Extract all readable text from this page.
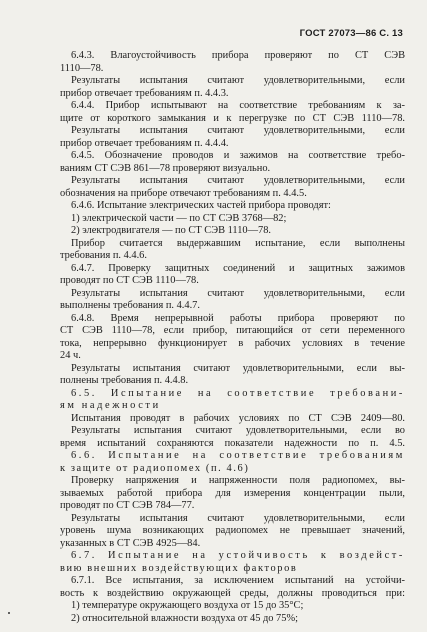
ГОСТ 27073—86 С. 13
6.4.3. Влагоустойчивость прибора проверяют по СТ СЭВ
1110—78.
Результаты испытания считают удовлетворительными, если
прибор отвечает требованиям п. 4.4.3.
6.4.4. Прибор испытывают на соответствие требованиям к за-
щите от короткого замыкания и к перегрузке по СТ СЭВ 1110—78.
Результаты испытания считают удовлетворительными, если
прибор отвечает требованиям п. 4.4.4.
6.4.5. Обозначение проводов и зажимов на соответствие требо-
ваниям СТ СЭВ 861—78 проверяют визуально.
Результаты испытания считают удовлетворительными, если
обозначения на приборе отвечают требованиям п. 4.4.5.
6.4.6. Испытание электрических частей прибора проводят:
1) электрической части — по СТ СЭВ 3768—82;
2) электродвигателя — по СТ СЭВ 1110—78.
Прибор считается выдержавшим испытание, если выполнены
требования п. 4.4.6.
6.4.7. Проверку защитных соединений и защитных зажимов
проводят по СТ СЭВ 1110—78.
Результаты испытания считают удовлетворительными, если
выполнены требования п. 4.4.7.
6.4.8. Время непрерывной работы прибора проверяют по
СТ СЭВ 1110—78, если прибор, питающийся от сети переменного
тока, непрерывно функционирует в рабочих условиях в течение
24 ч.
Результаты испытания считают удовлетворительными, если вы-
полнены требования п. 4.4.8.
6.5. Испытание на соответствие требовани-
ям надежности
Испытания проводят в рабочих условиях по СТ СЭВ 2409—80.
Результаты испытания считают удовлетворительными, если во
время испытаний сохраняются показатели надежности по п. 4.5.
6.6. Испытание на соответствие требованиям
к защите от радиопомех (п. 4.6)
Проверку напряжения и напряженности поля радиопомех, вы-
зываемых работой прибора для измерения концентрации пыли,
проводят по СТ СЭВ 784—77.
Результаты испытания считают удовлетворительными, если
уровень шума возникающих радиопомех не превышает значений,
указанных в СТ СЭВ 4925—84.
6.7. Испытание на устойчивость к воздейст-
вию внешних воздействующих факторов
6.7.1. Все испытания, за исключением испытаний на устойчи-
вость к воздействию окружающей среды, должны проводиться при:
1) температуре окружающего воздуха от 15 до 35°С;
2) относительной влажности воздуха от 45 до 75%;
